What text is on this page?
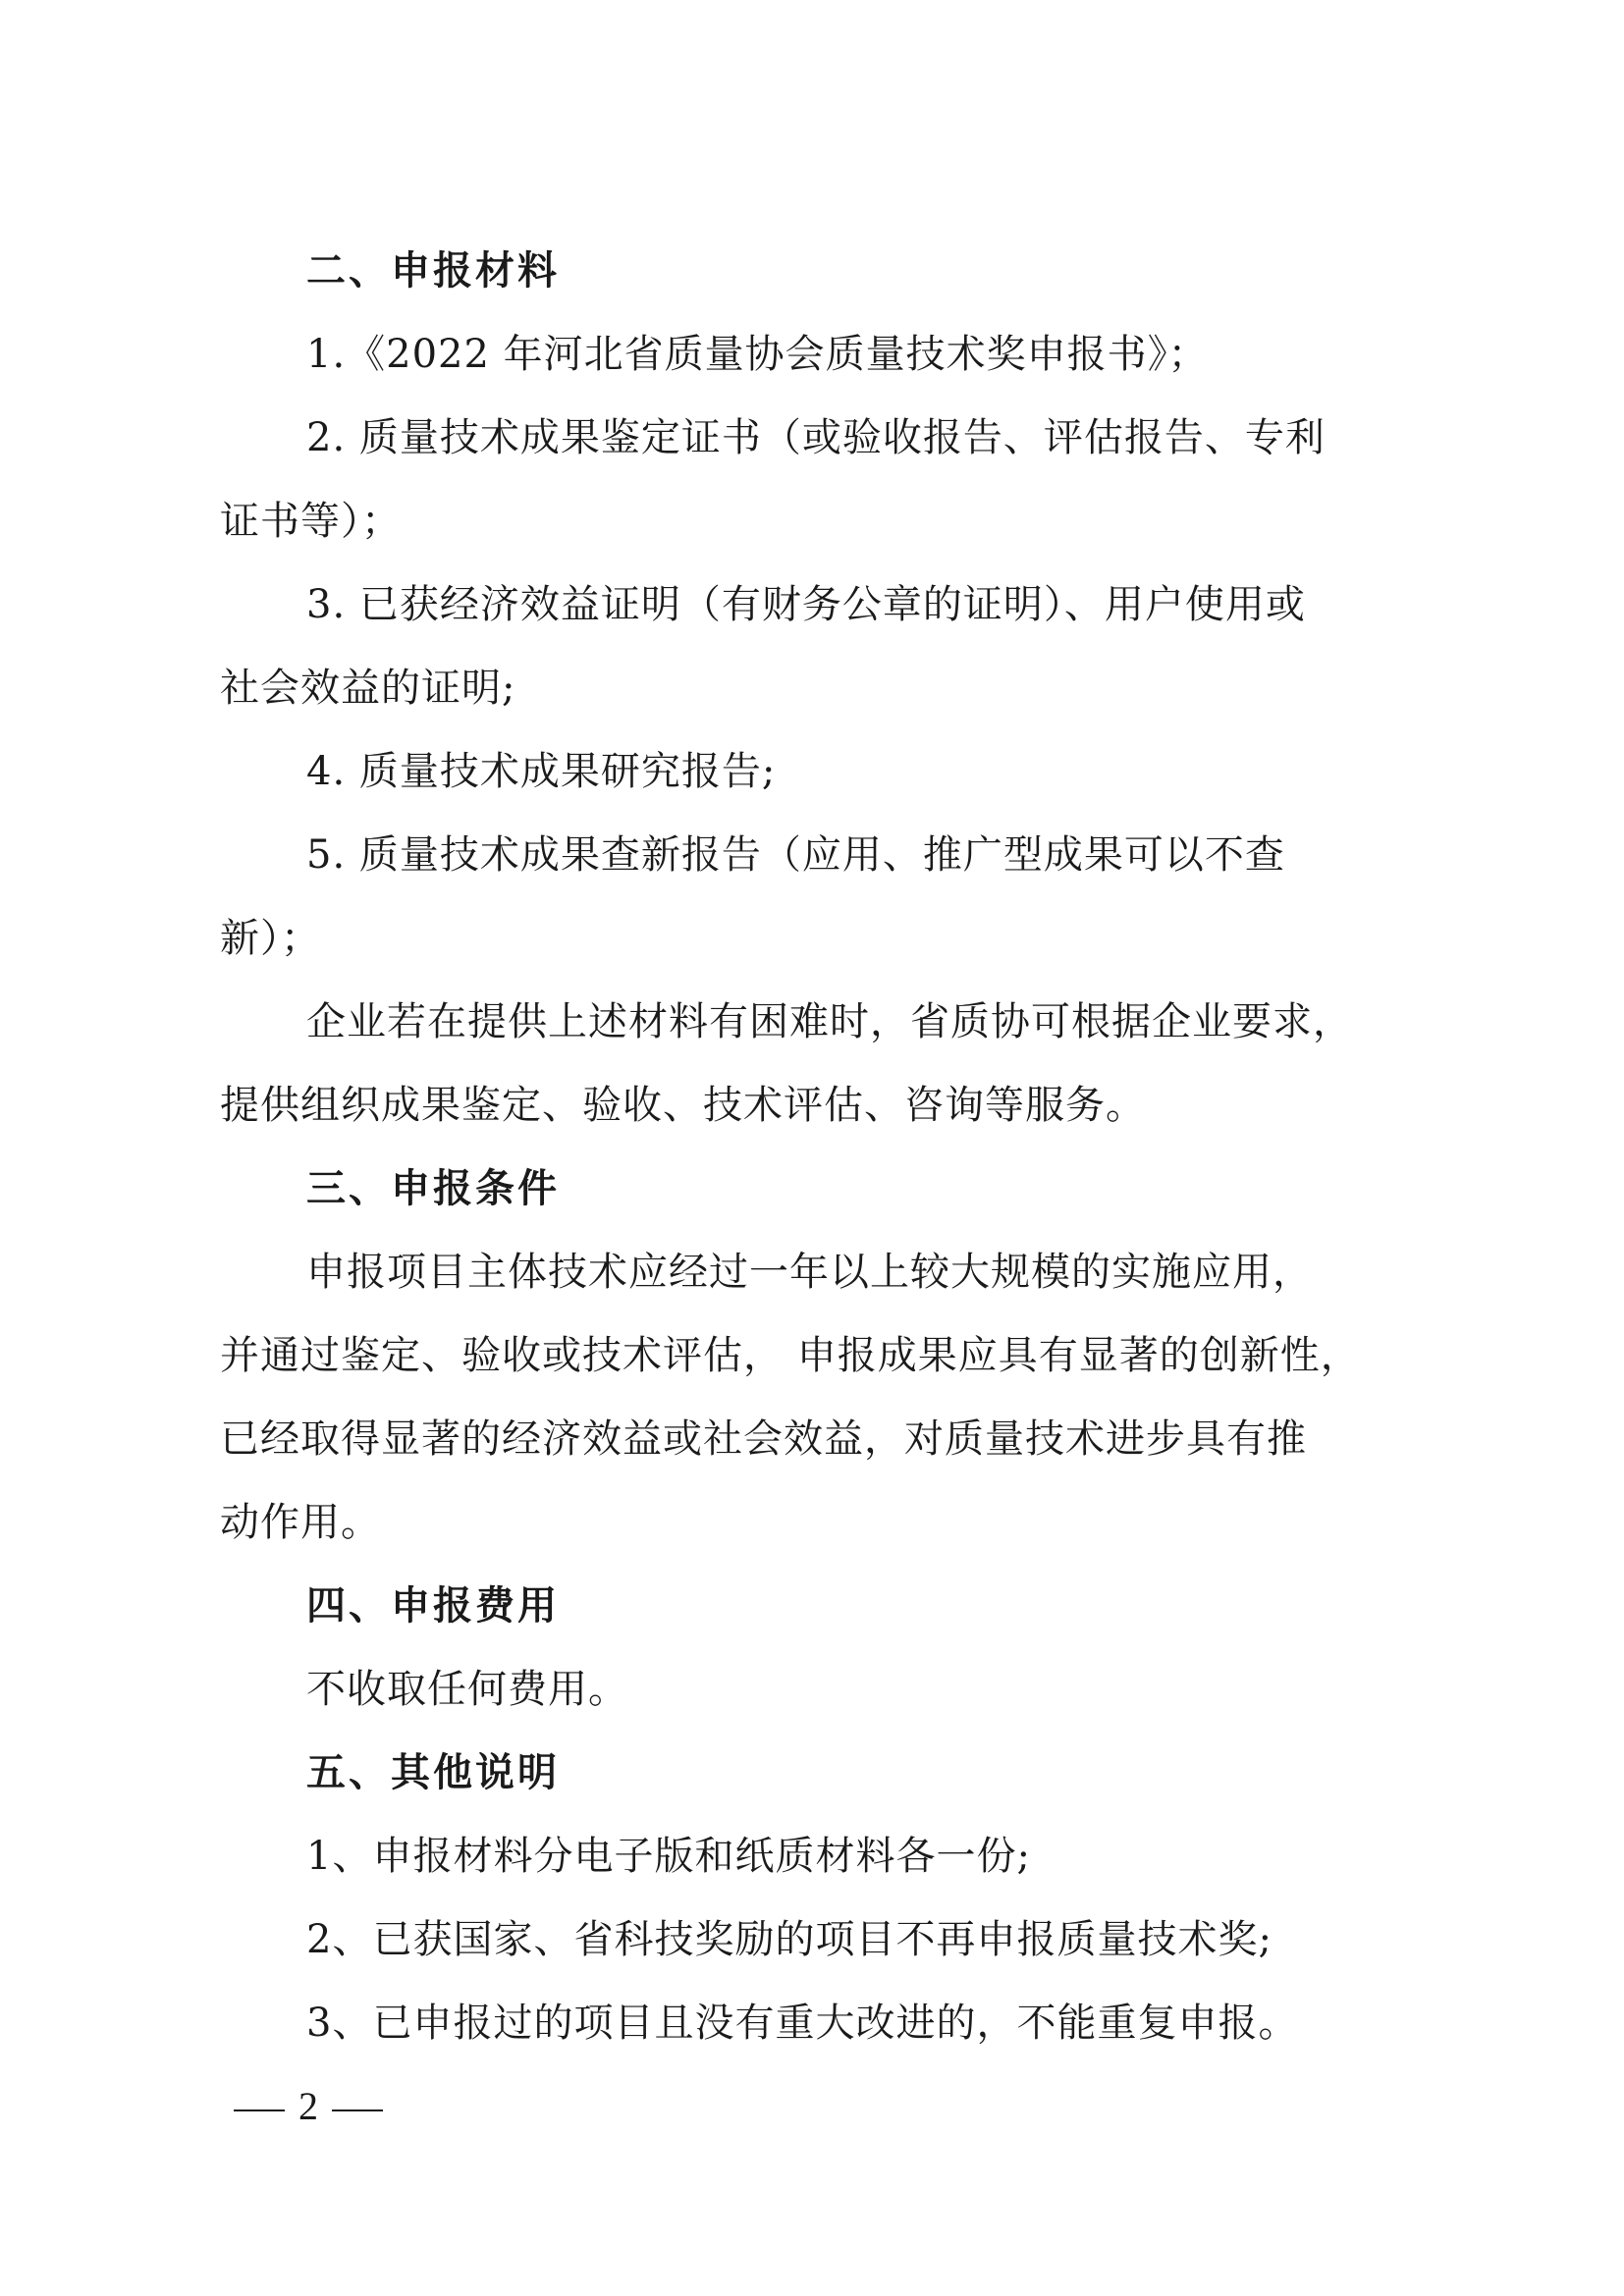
二、申报材料
1.《2022 年河北省质量协会质量技术奖申报书》；
2. 质量技术成果鉴定证书（或验收报告、评估报告、专利
证书等）；
3. 已获经济效益证明（有财务公章的证明）、用户使用或
社会效益的证明;
4. 质量技术成果研究报告;
5. 质量技术成果查新报告（应用、推广型成果可以不查
新）；
企业若在提供上述材料有困难时，省质协可根据企业要求，
提供组织成果鉴定、验收、技术评估、咨询等服务。
三、申报条件
申报项目主体技术应经过一年以上较大规模的实施应用，
并通过鉴定、验收或技术评估， 申报成果应具有显著的创新性，
已经取得显著的经济效益或社会效益，对质量技术进步具有推
动作用。
四、申报费用
不收取任何费用。
五、其他说明
1、申报材料分电子版和纸质材料各一份;
2、已获国家、省科技奖励的项目不再申报质量技术奖;
3、已申报过的项目且没有重大改进的，不能重复申报。
2
